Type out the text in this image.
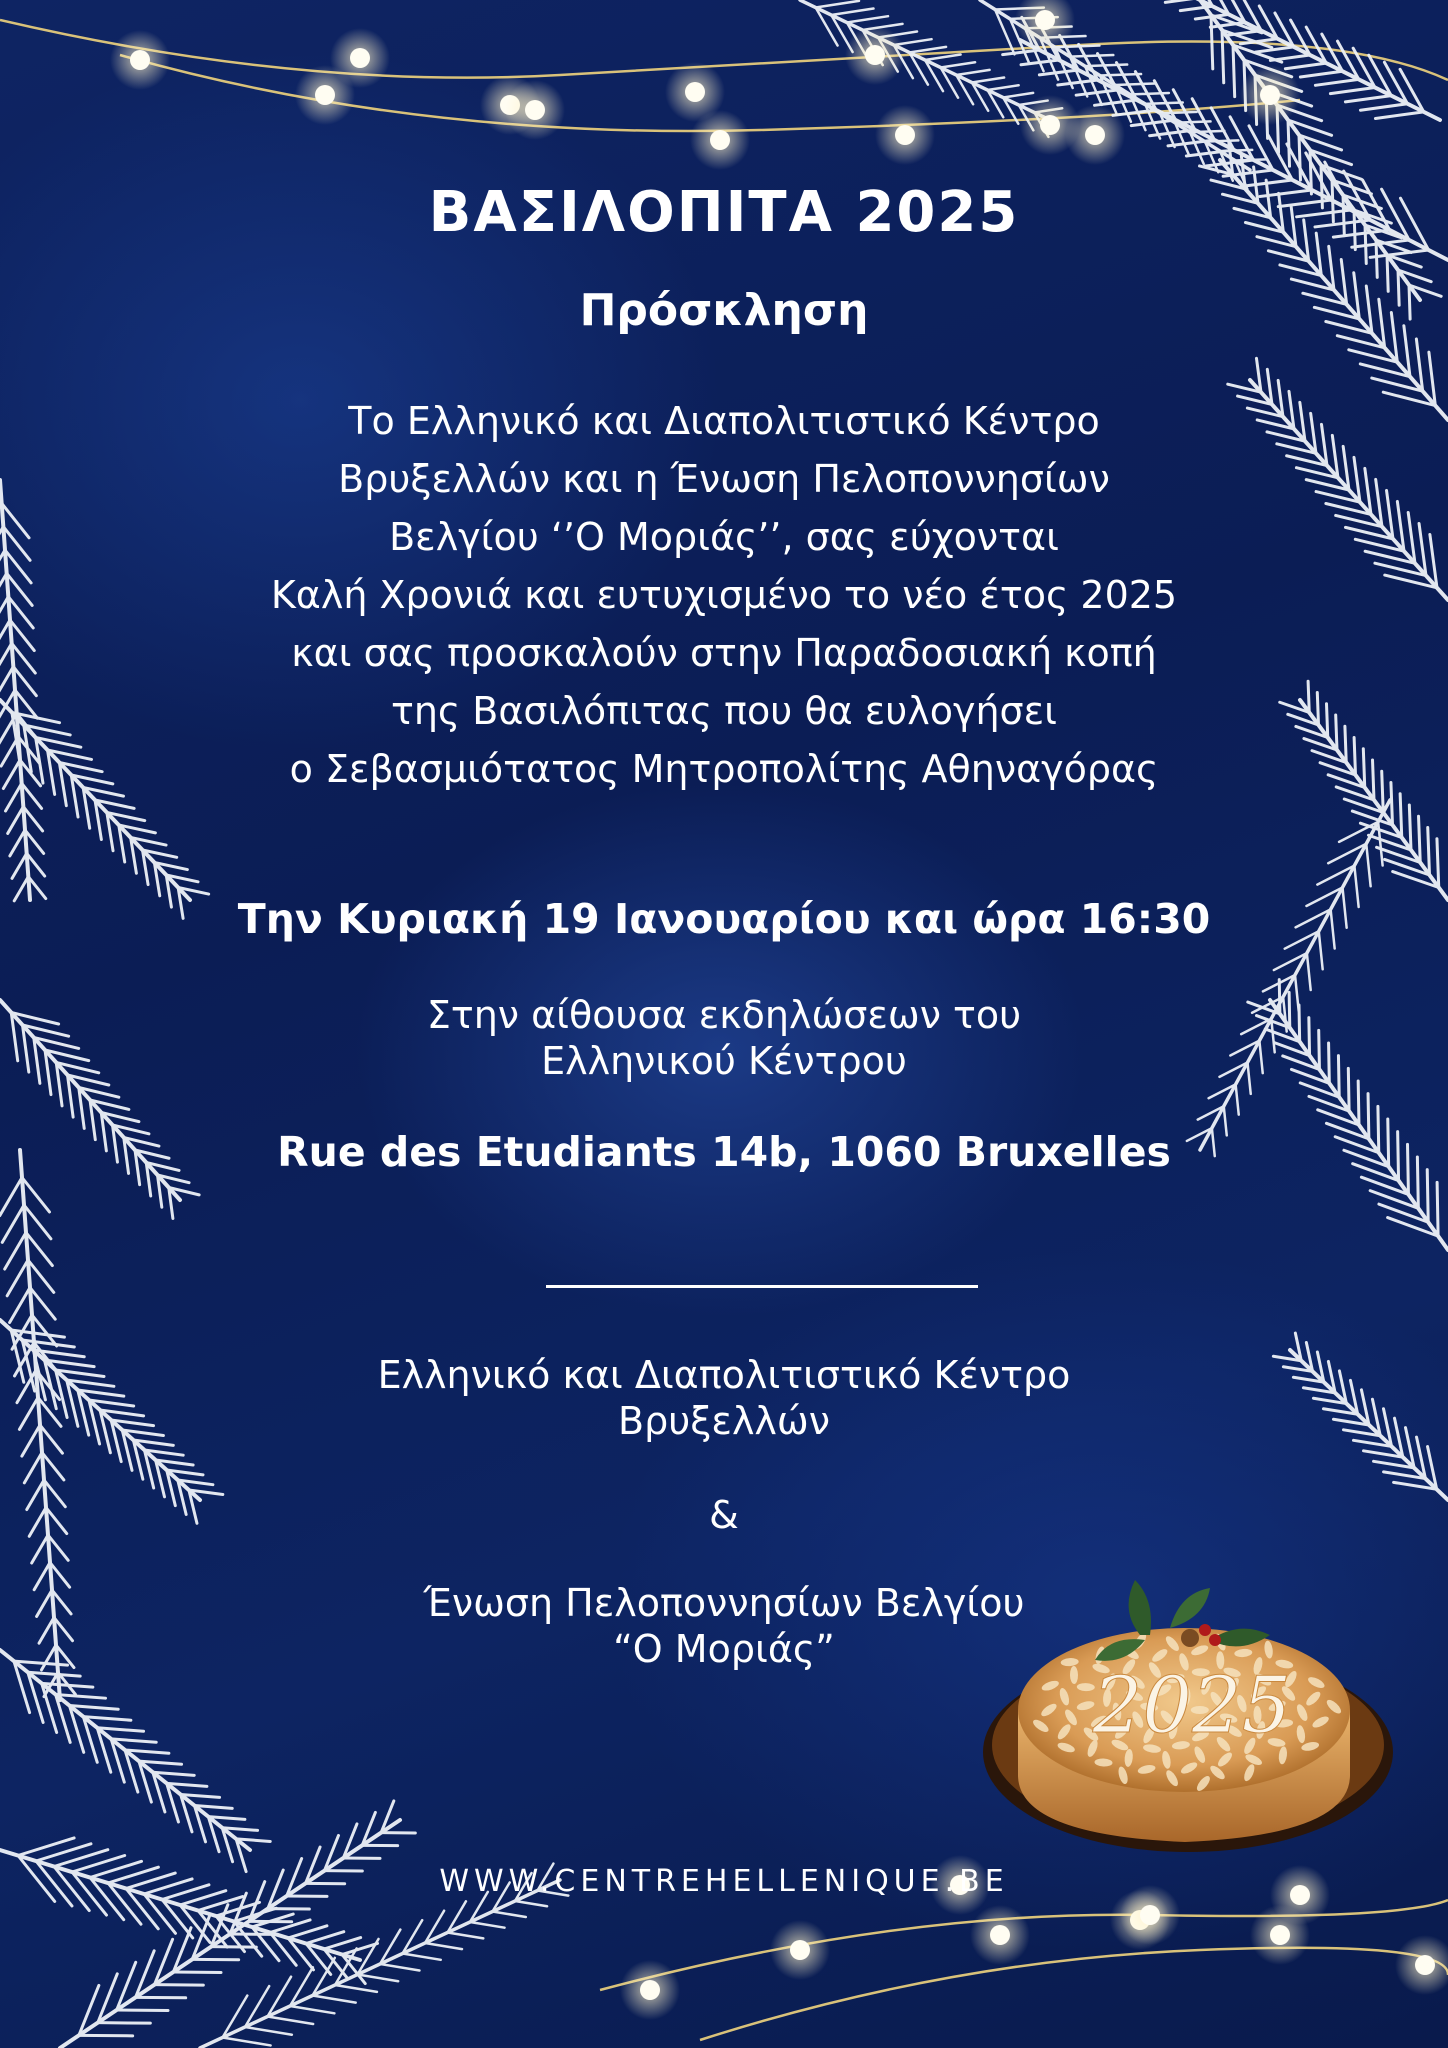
2025
ΒΑΣΙΛΟΠΙΤΑ 2025
Πρόσκληση

Το Ελληνικό και Διαπολιτιστικό Κέντρο
Βρυξελλών και η Ένωση Πελοποννησίων
Βελγίου ‘’Ο Μοριάς’’, σας εύχονται
Καλή Χρονιά και ευτυχισμένο το νέο έτος 2025
και σας προσκαλούν στην Παραδοσιακή κοπή
της Βασιλόπιτας που θα ευλογήσει
ο Σεβασμιότατος Μητροπολίτης Αθηναγόρας

Την Κυριακή 19 Ιανουαρίου και ώρα 16:30

Στην αίθουσα εκδηλώσεων του
Ελληνικού Κέντρου

Rue des Etudiants 14b, 1060 Bruxelles

Ελληνικό και Διαπολιτιστικό Κέντρο
Βρυξελλών

&

Ένωση Πελοποννησίων Βελγίου
“Ο Μοριάς”

WWW.CENTREHELLENIQUE.BE
